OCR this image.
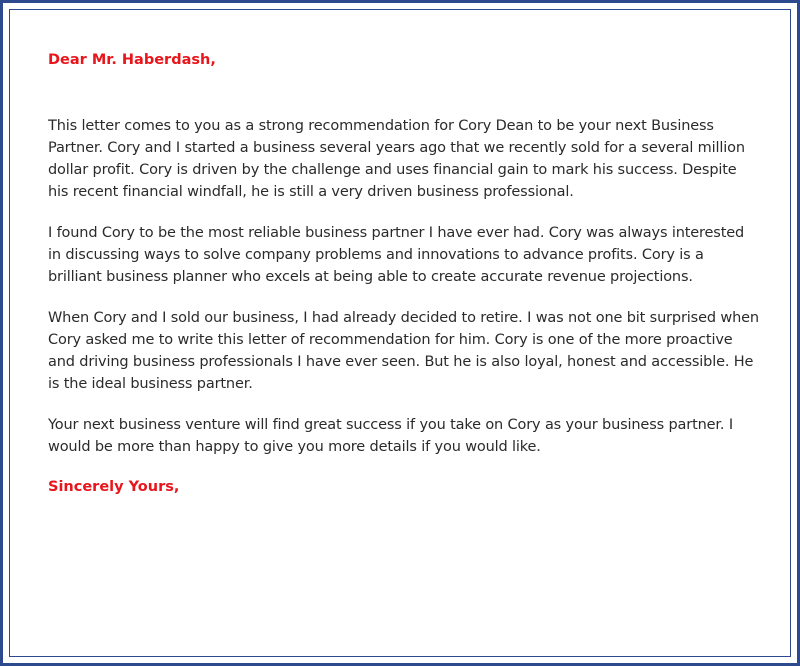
Dear Mr. Haberdash,

This letter comes to you as a strong recommendation for Cory Dean to be your next Business Partner. Cory and I started a business several years ago that we recently sold for a several million dollar profit. Cory is driven by the challenge and uses financial gain to mark his success. Despite his recent financial windfall, he is still a very driven business professional.

I found Cory to be the most reliable business partner I have ever had. Cory was always interested in discussing ways to solve company problems and innovations to advance profits. Cory is a brilliant business planner who excels at being able to create accurate revenue projections.

When Cory and I sold our business, I had already decided to retire. I was not one bit surprised when Cory asked me to write this letter of recommendation for him. Cory is one of the more proactive and driving business professionals I have ever seen. But he is also loyal, honest and accessible. He is the ideal business partner.

Your next business venture will find great success if you take on Cory as your business partner. I would be more than happy to give you more details if you would like.

Sincerely Yours,
